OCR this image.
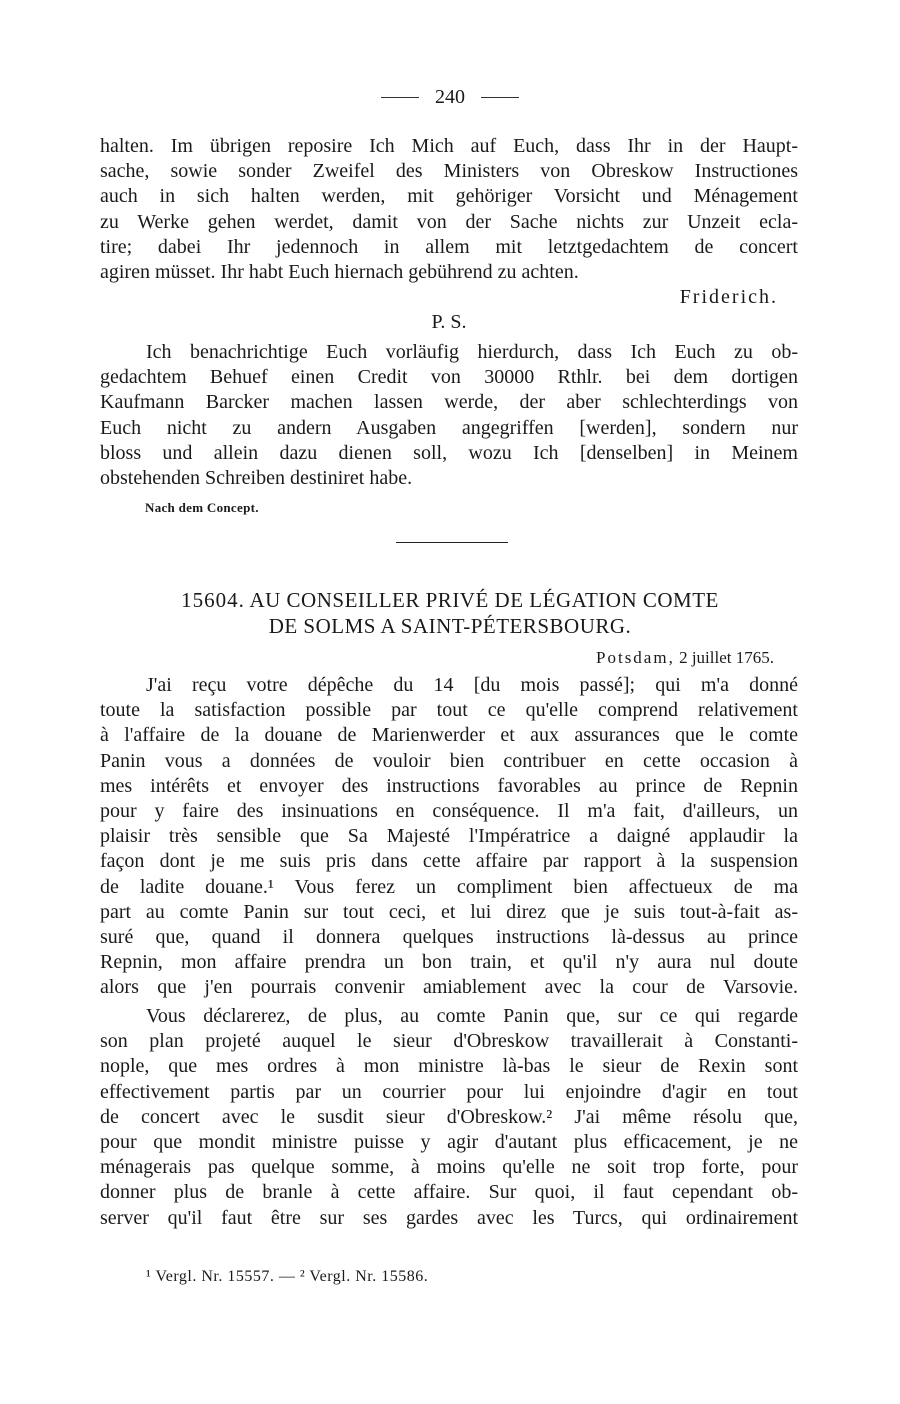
240
halten. Im übrigen reposire Ich Mich auf Euch, dass Ihr in der Haupt-
sache, sowie sonder Zweifel des Ministers von Obreskow Instructiones
auch in sich halten werden, mit gehöriger Vorsicht und Ménagement
zu Werke gehen werdet, damit von der Sache nichts zur Unzeit ecla-
tire; dabei Ihr jedennoch in allem mit letztgedachtem de concert
agiren müsset. Ihr habt Euch hiernach gebührend zu achten.
Friderich.
P. S.
Ich benachrichtige Euch vorläufig hierdurch, dass Ich Euch zu ob-
gedachtem Behuef einen Credit von 30000 Rthlr. bei dem dortigen
Kaufmann Barcker machen lassen werde, der aber schlechterdings von
Euch nicht zu andern Ausgaben angegriffen [werden], sondern nur
bloss und allein dazu dienen soll, wozu Ich [denselben] in Meinem
obstehenden Schreiben destiniret habe.
Nach dem Concept.
15604. AU CONSEILLER PRIVÉ DE LÉGATION COMTE
DE SOLMS A SAINT-PÉTERSBOURG.
Potsdam, 2 juillet 1765.
J'ai reçu votre dépêche du 14 [du mois passé]; qui m'a donné
toute la satisfaction possible par tout ce qu'elle comprend relativement
à l'affaire de la douane de Marienwerder et aux assurances que le comte
Panin vous a données de vouloir bien contribuer en cette occasion à
mes intérêts et envoyer des instructions favorables au prince de Repnin
pour y faire des insinuations en conséquence. Il m'a fait, d'ailleurs, un
plaisir très sensible que Sa Majesté l'Impératrice a daigné applaudir la
façon dont je me suis pris dans cette affaire par rapport à la suspension
de ladite douane.¹ Vous ferez un compliment bien affectueux de ma
part au comte Panin sur tout ceci, et lui direz que je suis tout-à-fait as-
suré que, quand il donnera quelques instructions là-dessus au prince
Repnin, mon affaire prendra un bon train, et qu'il n'y aura nul doute
alors que j'en pourrais convenir amiablement avec la cour de Varsovie.
Vous déclarerez, de plus, au comte Panin que, sur ce qui regarde
son plan projeté auquel le sieur d'Obreskow travaillerait à Constanti-
nople, que mes ordres à mon ministre là-bas le sieur de Rexin sont
effectivement partis par un courrier pour lui enjoindre d'agir en tout
de concert avec le susdit sieur d'Obreskow.² J'ai même résolu que,
pour que mondit ministre puisse y agir d'autant plus efficacement, je ne
ménagerais pas quelque somme, à moins qu'elle ne soit trop forte, pour
donner plus de branle à cette affaire. Sur quoi, il faut cependant ob-
server qu'il faut être sur ses gardes avec les Turcs, qui ordinairement
¹ Vergl. Nr. 15557. — ² Vergl. Nr. 15586.
